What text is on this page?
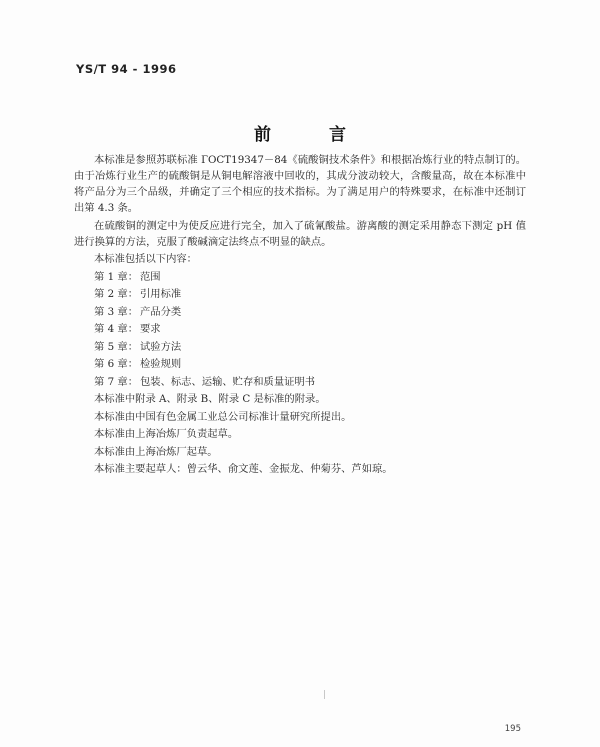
YS/T 94 - 1996
前 言

本标准是参照苏联标准 ГОСТ19347－84《硫酸铜技术条件》和根据冶炼行业的特点制订的。由于冶炼行业生产的硫酸铜是从铜电解溶液中回收的，其成分波动较大，含酸量高，故在本标准中将产品分为三个品级，并确定了三个相应的技术指标。为了满足用户的特殊要求，在标准中还制订出第 4.3 条。

在硫酸铜的测定中为使反应进行完全，加入了硫氰酸盐。游离酸的测定采用静态下测定 pH 值进行换算的方法，克服了酸碱滴定法终点不明显的缺点。

本标准包括以下内容：

第 1 章： 范围
第 2 章： 引用标准
第 3 章： 产品分类
第 4 章： 要求
第 5 章： 试验方法
第 6 章： 检验规则
第 7 章： 包装、标志、运输、贮存和质量证明书

本标准中附录 A、附录 B、附录 C 是标准的附录。

本标准由中国有色金属工业总公司标准计量研究所提出。

本标准由上海冶炼厂负责起草。

本标准由上海冶炼厂起草。

本标准主要起草人：曾云华、俞文莲、金振龙、仲菊芬、芦如琼。

195
